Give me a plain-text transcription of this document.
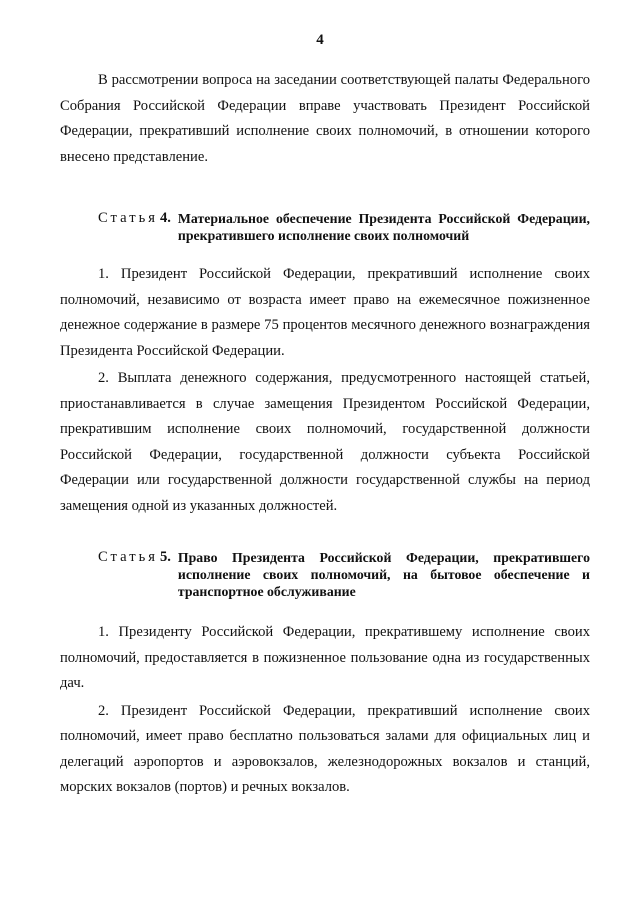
4

В рассмотрении вопроса на заседании соответствующей палаты Федерального Собрания Российской Федерации вправе участвовать Президент Российской Федерации, прекративший исполнение своих полномочий, в отношении которого внесено представление.

Статья 4. Материальное обеспечение Президента Российской Федерации, прекратившего исполнение своих полномочий

1. Президент Российской Федерации, прекративший исполнение своих полномочий, независимо от возраста имеет право на ежемесячное пожизненное денежное содержание в размере 75 процентов месячного денежного вознаграждения Президента Российской Федерации.

2. Выплата денежного содержания, предусмотренного настоящей статьей, приостанавливается в случае замещения Президентом Российской Федерации, прекратившим исполнение своих полномочий, государственной должности Российской Федерации, государственной должности субъекта Российской Федерации или государственной должности государственной службы на период замещения одной из указанных должностей.

Статья 5. Право Президента Российской Федерации, прекратившего исполнение своих полномочий, на бытовое обеспечение и транспортное обслуживание

1. Президенту Российской Федерации, прекратившему исполнение своих полномочий, предоставляется в пожизненное пользование одна из государственных дач.

2. Президент Российской Федерации, прекративший исполнение своих полномочий, имеет право бесплатно пользоваться залами для официальных лиц и делегаций аэропортов и аэровокзалов, железнодорожных вокзалов и станций, морских вокзалов (портов) и речных вокзалов.
